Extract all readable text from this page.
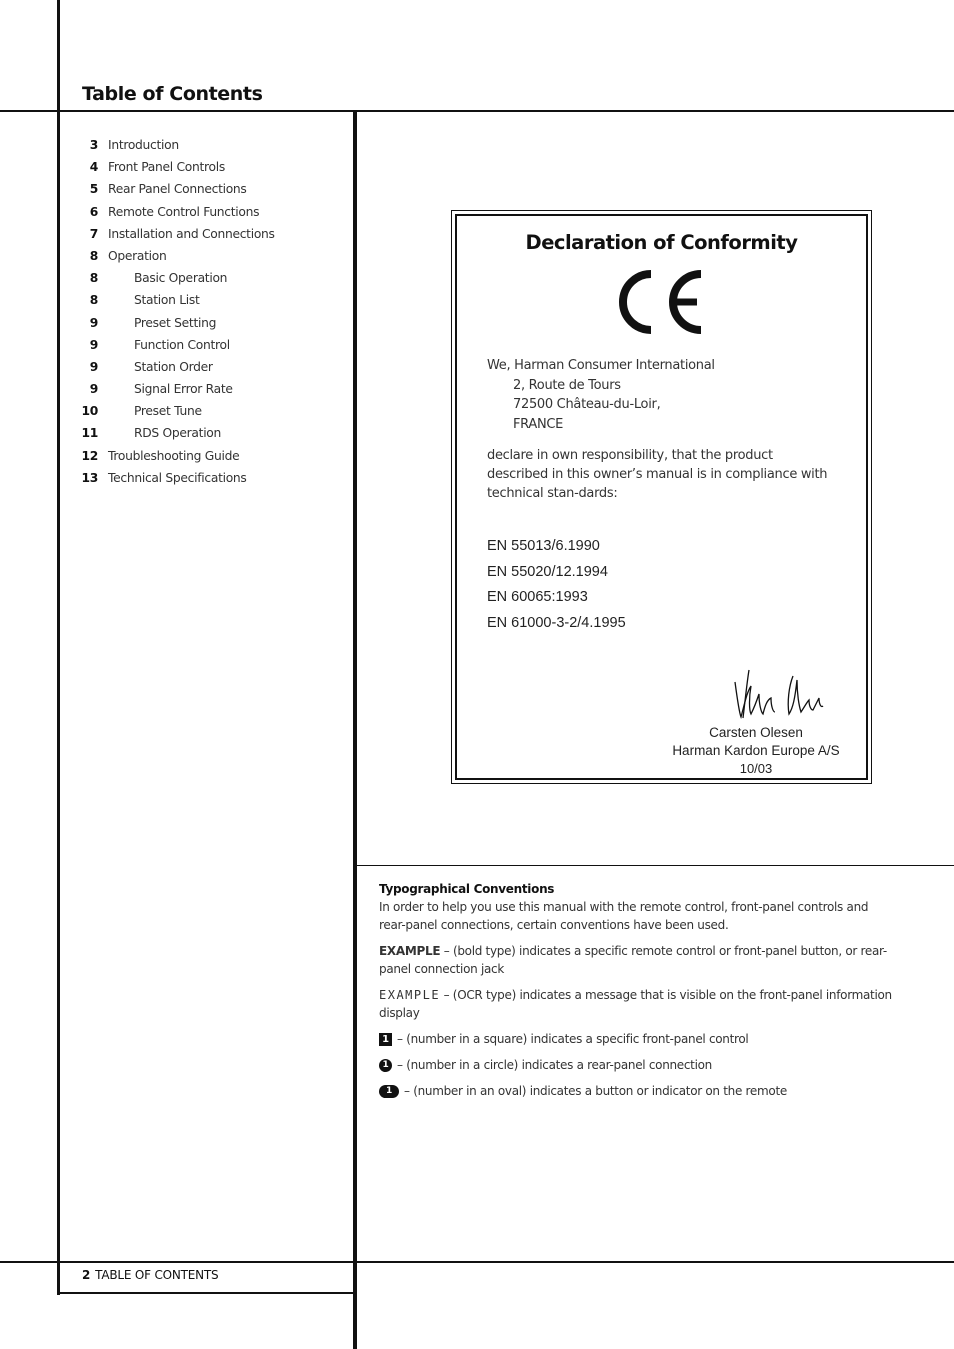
Table of Contents
3 Introduction
4 Front Panel Controls
5 Rear Panel Connections
6 Remote Control Functions
7 Installation and Connections
8 Operation
8	Basic Operation
8	Station List
9	Preset Setting
9	Function Control
9	Station Order
9	Signal Error Rate
10	Preset Tune
11	RDS Operation
12 Troubleshooting Guide
13 Technical Specifications
Declaration of Conformity
We, Harman Consumer International
2, Route de Tours
72500 Château-du-Loir,
FRANCE
declare in own responsibility, that the product described in this owner’s manual is in compliance with technical stan-dards:
EN 55013/6.1990
EN 55020/12.1994
EN 60065:1993
EN 61000-3-2/4.1995
Carsten Olesen
Harman Kardon Europe A/S
10/03
Typographical Conventions

In order to help you use this manual with the remote control, front-panel controls and rear-panel connections, certain conventions have been used.

EXAMPLE – (bold type) indicates a specific remote control or front-panel button, or rear-panel connection jack

EXAMPLE – (OCR type) indicates a message that is visible on the front-panel information display

1 – (number in a square) indicates a specific front-panel control
1 – (number in a circle) indicates a rear-panel connection
1	– (number in an oval) indicates a button or indicator on the remote
2 TABLE OF CONTENTS
